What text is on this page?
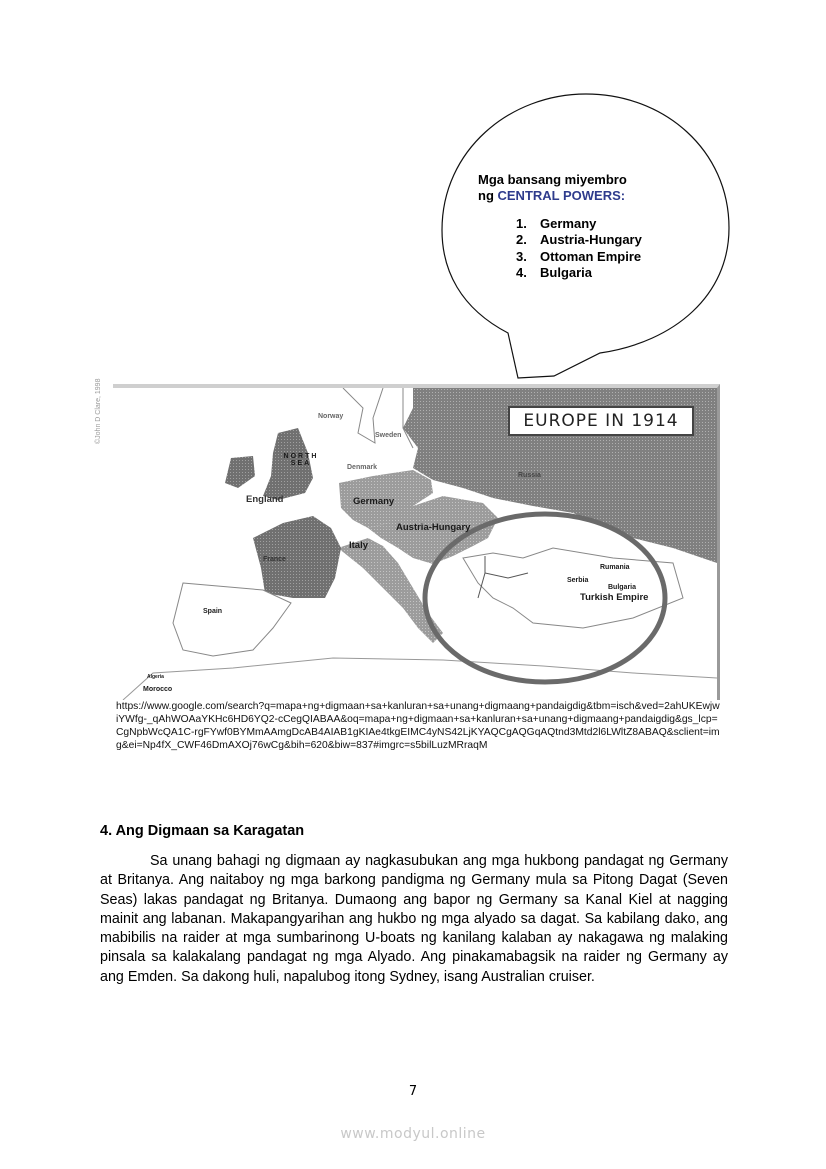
Mga bansang miyembro
ng CENTRAL POWERS:
1. Germany
2. Austria-Hungary
3. Ottoman Empire
4. Bulgaria
©John D Clare, 1998	EUROPE IN 1914
NORTH SEA
Norway
Sweden
Denmark
England
France
Germany
Austria-Hungary
Italy
Spain
Algeria
Morocco
Russia
Rumania
Serbia
Bulgaria
Turkish Empire
https://www.google.com/search?q=mapa+ng+digmaan+sa+kanluran+sa+unang+digmaang+pandaigdig&tbm=isch&ved=2ahUKEwjwiYWfg-_qAhWOAaYKHc6HD6YQ2-cCegQIABAA&oq=mapa+ng+digmaan+sa+kanluran+sa+unang+digmaang+pandaigdig&gs_lcp=CgNpbWcQA1C-rgFYwf0BYMmAAmgDcAB4AIAB1gKIAe4tkgEIMC4yNS42LjKYAQCgAQGqAQtnd3Mtd2l6LWltZ8ABAQ&sclient=img&ei=Np4fX_CWF46DmAXOj76wCg&bih=620&biw=837#imgrc=s5bilLuzMRraqM
4. Ang Digmaan sa Karagatan

Sa unang bahagi ng digmaan ay nagkasubukan ang mga hukbong pandagat ng Germany at Britanya. Ang naitaboy ng mga barkong pandigma ng Germany mula sa Pitong Dagat (Seven Seas) lakas pandagat ng Britanya. Dumaong ang bapor ng Germany sa Kanal Kiel at nagging mainit ang labanan. Makapangyarihan ang hukbo ng mga alyado sa dagat. Sa kabilang dako, ang mabibilis na raider at mga sumbarinong U-boats ng kanilang kalaban ay nakagawa ng malaking pinsala sa kalakalang pandagat ng mga Alyado. Ang pinakamabagsik na raider ng Germany ay ang Emden. Sa dakong huli, napalubog itong Sydney, isang Australian cruiser.

7
www.modyul.online
